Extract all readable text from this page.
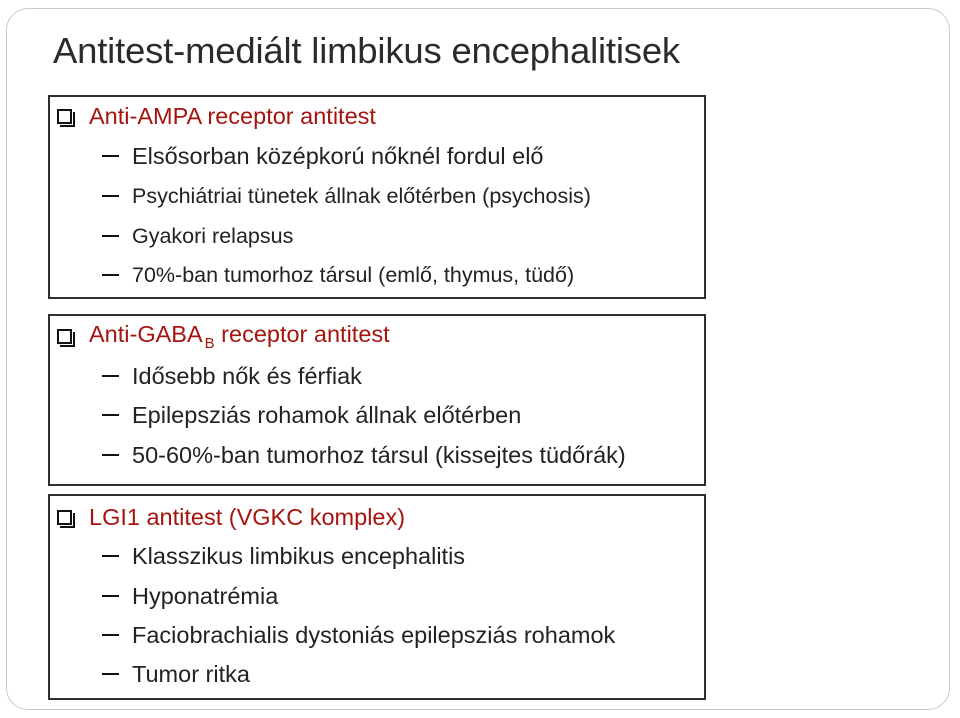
Antitest-mediált limbikus encephalitisek
Anti-AMPA receptor antitest
Elsősorban középkorú nőknél fordul elő
Psychiátriai tünetek állnak előtérben (psychosis)
Gyakori relapsus
70%-ban tumorhoz társul (emlő, thymus, tüdő)
Anti-GABA $_B$ receptor antitest
Idősebb nők és férfiak
Epilepsziás rohamok állnak előtérben
50-60%-ban tumorhoz társul (kissejtes tüdőrák)
LGI1 antitest (VGKC komplex)
Klasszikus limbikus encephalitis
Hyponatrémia
Faciobrachialis dystoniás epilepsziás rohamok
Tumor ritka
